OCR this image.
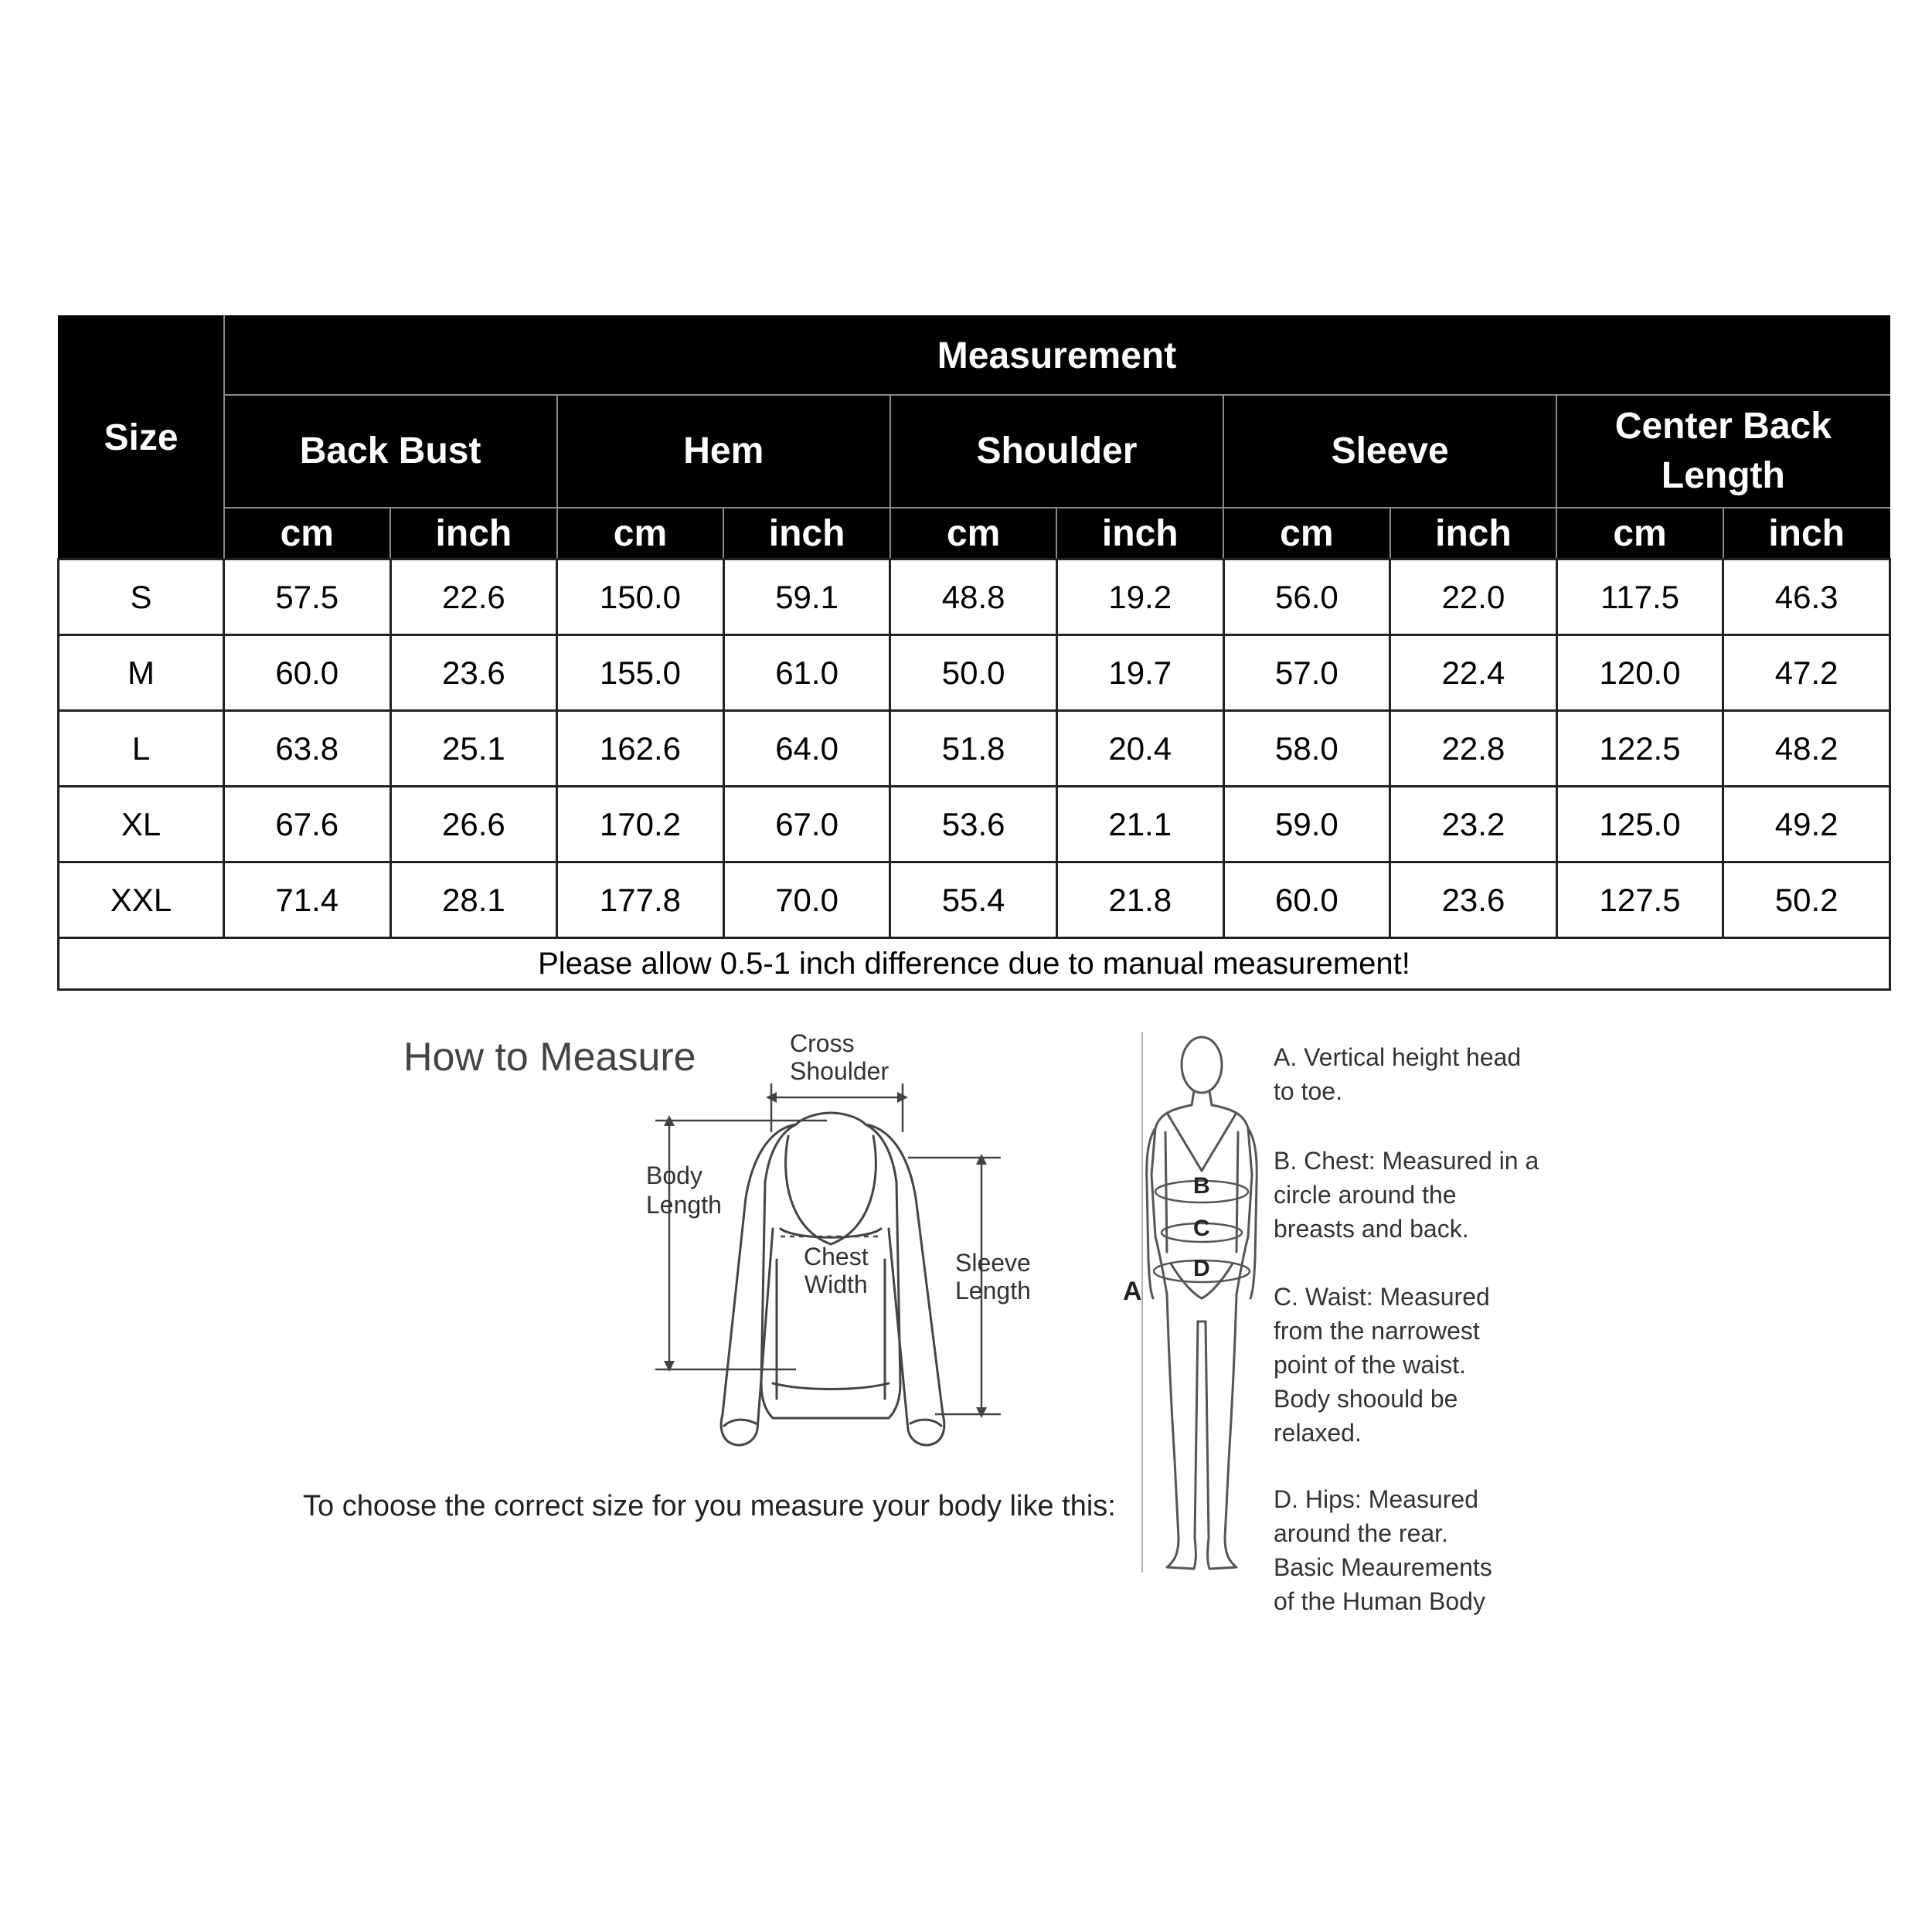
Size	Measurement									
	Back Bust		Hem		Shoulder		Sleeve		Center Back Length	
	cm	inch	cm	inch	cm	inch	cm	inch	cm	inch
S	57.5	22.6	150.0	59.1	48.8	19.2	56.0	22.0	117.5	46.3
M	60.0	23.6	155.0	61.0	50.0	19.7	57.0	22.4	120.0	47.2
L	63.8	25.1	162.6	64.0	51.8	20.4	58.0	22.8	122.5	48.2
XL	67.6	26.6	170.2	67.0	53.6	21.1	59.0	23.2	125.0	49.2
XXL	71.4	28.1	177.8	70.0	55.4	21.8	60.0	23.6	127.5	50.2
Please allow 0.5-1 inch difference due to manual measurement!										
How to Measure	Cross
Shoulder
Body
Length
Chest
Width
Sleeve
Length
To choose the correct size for you measure your body like this:
A
B
C
D
A. Vertical height head
to toe.
B. Chest: Measured in a
circle around the
breasts and back.
C. Waist: Measured
from the narrowest
point of the waist.
Body shoould be
relaxed.
D. Hips: Measured
around the rear.
Basic Meaurements
of the Human Body
